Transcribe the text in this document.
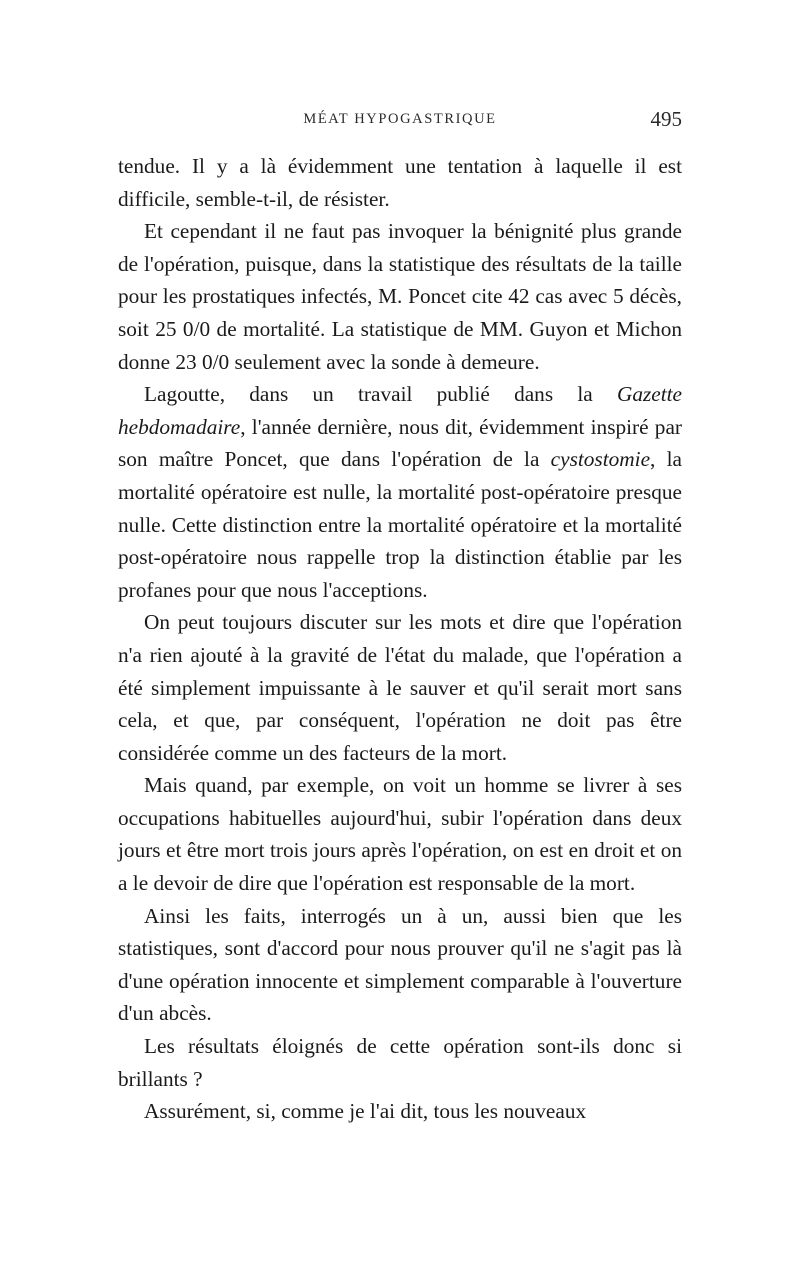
MÉAT HYPOGASTRIQUE	495

tendue. Il y a là évidemment une tentation à laquelle il est difficile, semble-t-il, de résister.

Et cependant il ne faut pas invoquer la bénignité plus grande de l'opération, puisque, dans la statistique des résultats de la taille pour les prostatiques infectés, M. Poncet cite 42 cas avec 5 décès, soit 25 0/0 de mortalité. La statistique de MM. Guyon et Michon donne 23 0/0 seulement avec la sonde à demeure.

Lagoutte, dans un travail publié dans la Gazette hebdomadaire, l'année dernière, nous dit, évidemment inspiré par son maître Poncet, que dans l'opération de la cystostomie, la mortalité opératoire est nulle, la mortalité post-opératoire presque nulle. Cette distinction entre la mortalité opératoire et la mortalité post-opératoire nous rappelle trop la distinction établie par les profanes pour que nous l'acceptions.

On peut toujours discuter sur les mots et dire que l'opération n'a rien ajouté à la gravité de l'état du malade, que l'opération a été simplement impuissante à le sauver et qu'il serait mort sans cela, et que, par conséquent, l'opération ne doit pas être considérée comme un des facteurs de la mort.

Mais quand, par exemple, on voit un homme se livrer à ses occupations habituelles aujourd'hui, subir l'opération dans deux jours et être mort trois jours après l'opération, on est en droit et on a le devoir de dire que l'opération est responsable de la mort.

Ainsi les faits, interrogés un à un, aussi bien que les statistiques, sont d'accord pour nous prouver qu'il ne s'agit pas là d'une opération innocente et simplement comparable à l'ouverture d'un abcès.

Les résultats éloignés de cette opération sont-ils donc si brillants ?

Assurément, si, comme je l'ai dit, tous les nouveaux
